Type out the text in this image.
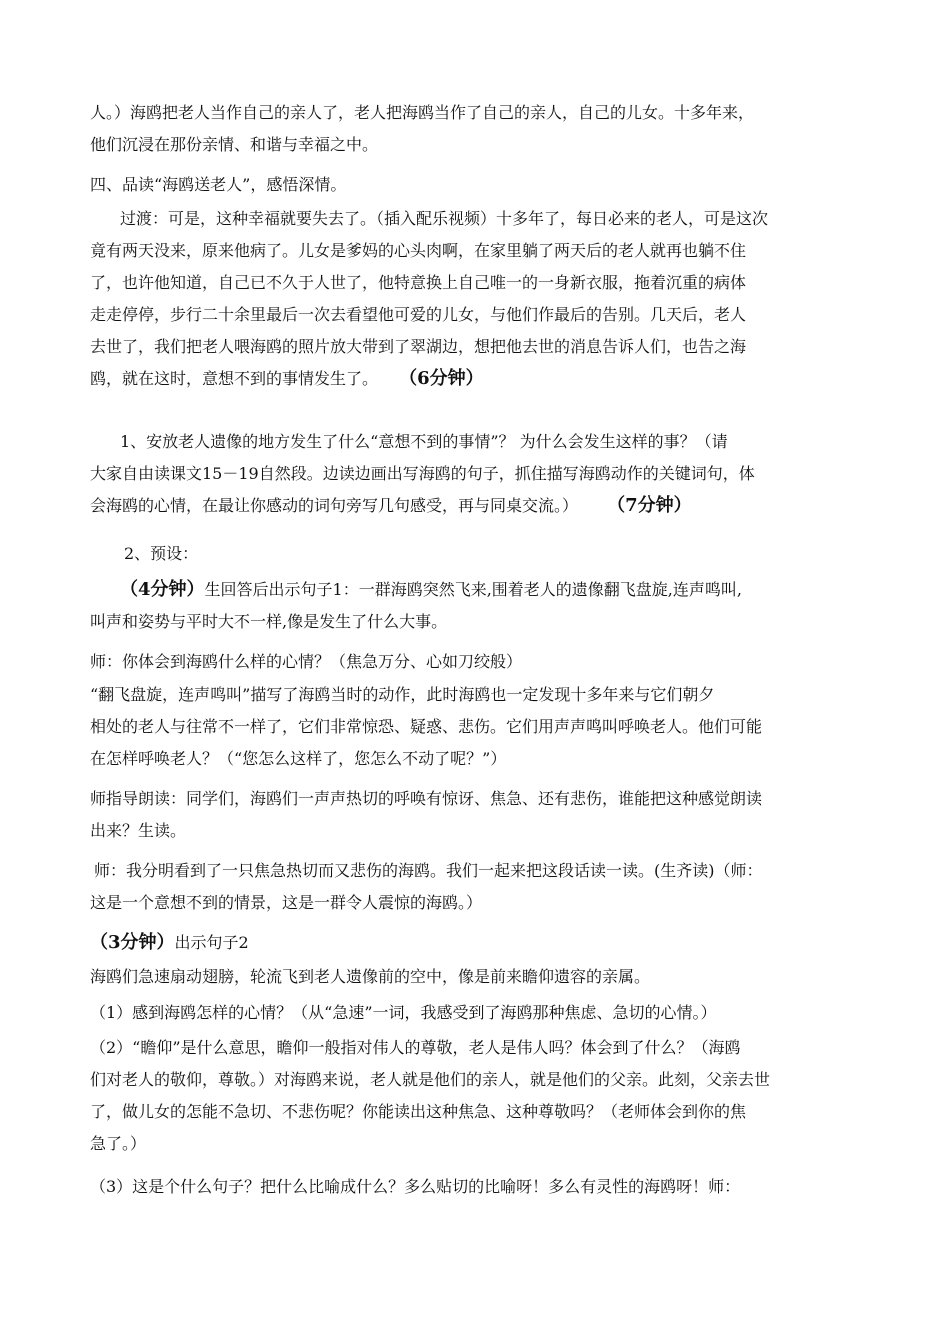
人。）海鸥把老人当作自己的亲人了，老人把海鸥当作了自己的亲人，自己的儿女。十多年来，
他们沉浸在那份亲情、和谐与幸福之中。
四、品读“海鸥送老人”，感悟深情。
过渡：可是，这种幸福就要失去了。（插入配乐视频）十多年了，每日必来的老人，可是这次
竟有两天没来，原来他病了。儿女是爹妈的心头肉啊，在家里躺了两天后的老人就再也躺不住
了，也许他知道，自己已不久于人世了，他特意换上自己唯一的一身新衣服，拖着沉重的病体
走走停停，步行二十余里最后一次去看望他可爱的儿女，与他们作最后的告别。几天后，老人
去世了，我们把老人喂海鸥的照片放大带到了翠湖边，想把他去世的消息告诉人们，也告之海
鸥，就在这时，意想不到的事情发生了。 （6分钟）
1、安放老人遗像的地方发生了什么“意想不到的事情”？ 为什么会发生这样的事？（请
大家自由读课文15－19自然段。边读边画出写海鸥的句子，抓住描写海鸥动作的关键词句，体
会海鸥的心情，在最让你感动的词句旁写几句感受，再与同桌交流。） （7分钟）
2、预设：
（4分钟）生回答后出示句子1：一群海鸥突然飞来,围着老人的遗像翻飞盘旋,连声鸣叫,
叫声和姿势与平时大不一样,像是发生了什么大事。
师：你体会到海鸥什么样的心情？（焦急万分、心如刀绞般）
“翻飞盘旋，连声鸣叫”描写了海鸥当时的动作，此时海鸥也一定发现十多年来与它们朝夕
相处的老人与往常不一样了，它们非常惊恐、疑惑、悲伤。它们用声声鸣叫呼唤老人。他们可能
在怎样呼唤老人？（“您怎么这样了，您怎么不动了呢？”）
师指导朗读：同学们，海鸥们一声声热切的呼唤有惊讶、焦急、还有悲伤，谁能把这种感觉朗读
出来？生读。
师：我分明看到了一只焦急热切而又悲伤的海鸥。我们一起来把这段话读一读。(生齐读)（师：
这是一个意想不到的情景，这是一群令人震惊的海鸥。）
（3分钟）出示句子2
海鸥们急速扇动翅膀，轮流飞到老人遗像前的空中，像是前来瞻仰遗容的亲属。
（1）感到海鸥怎样的心情？（从“急速”一词，我感受到了海鸥那种焦虑、急切的心情。）
（2）“瞻仰”是什么意思，瞻仰一般指对伟人的尊敬，老人是伟人吗？体会到了什么？（海鸥
们对老人的敬仰，尊敬。）对海鸥来说，老人就是他们的亲人，就是他们的父亲。此刻，父亲去世
了，做儿女的怎能不急切、不悲伤呢？你能读出这种焦急、这种尊敬吗？（老师体会到你的焦
急了。）
（3）这是个什么句子？把什么比喻成什么？多么贴切的比喻呀！多么有灵性的海鸥呀！师：
